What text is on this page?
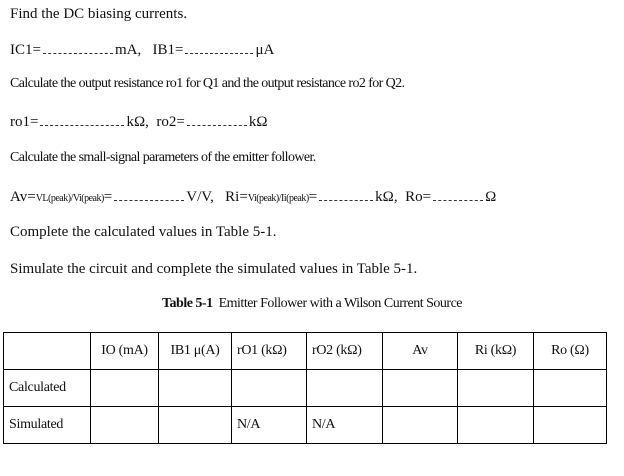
Find the DC biasing currents.
IC1=	mA, IB1=	μA
Calculate the output resistance ro1 for Q1 and the output resistance ro2 for Q2.
ro1=	kΩ, ro2=	kΩ
Calculate the small-signal parameters of the emitter follower.
Av=VL(peak)/Vi(peak)=	V/V, Ri=Vi(peak)/Ii(peak)=	kΩ, Ro=	Ω
Complete the calculated values in Table 5-1.
Simulate the circuit and complete the simulated values in Table 5-1.
Table 5-1 Emitter Follower with a Wilson Current Source
	IO (mA)	IB1 μ(A)	rO1 (kΩ)	rO2 (kΩ)	Av	Ri (kΩ)	Ro (Ω)
Calculated							
Simulated			N/A	N/A			
